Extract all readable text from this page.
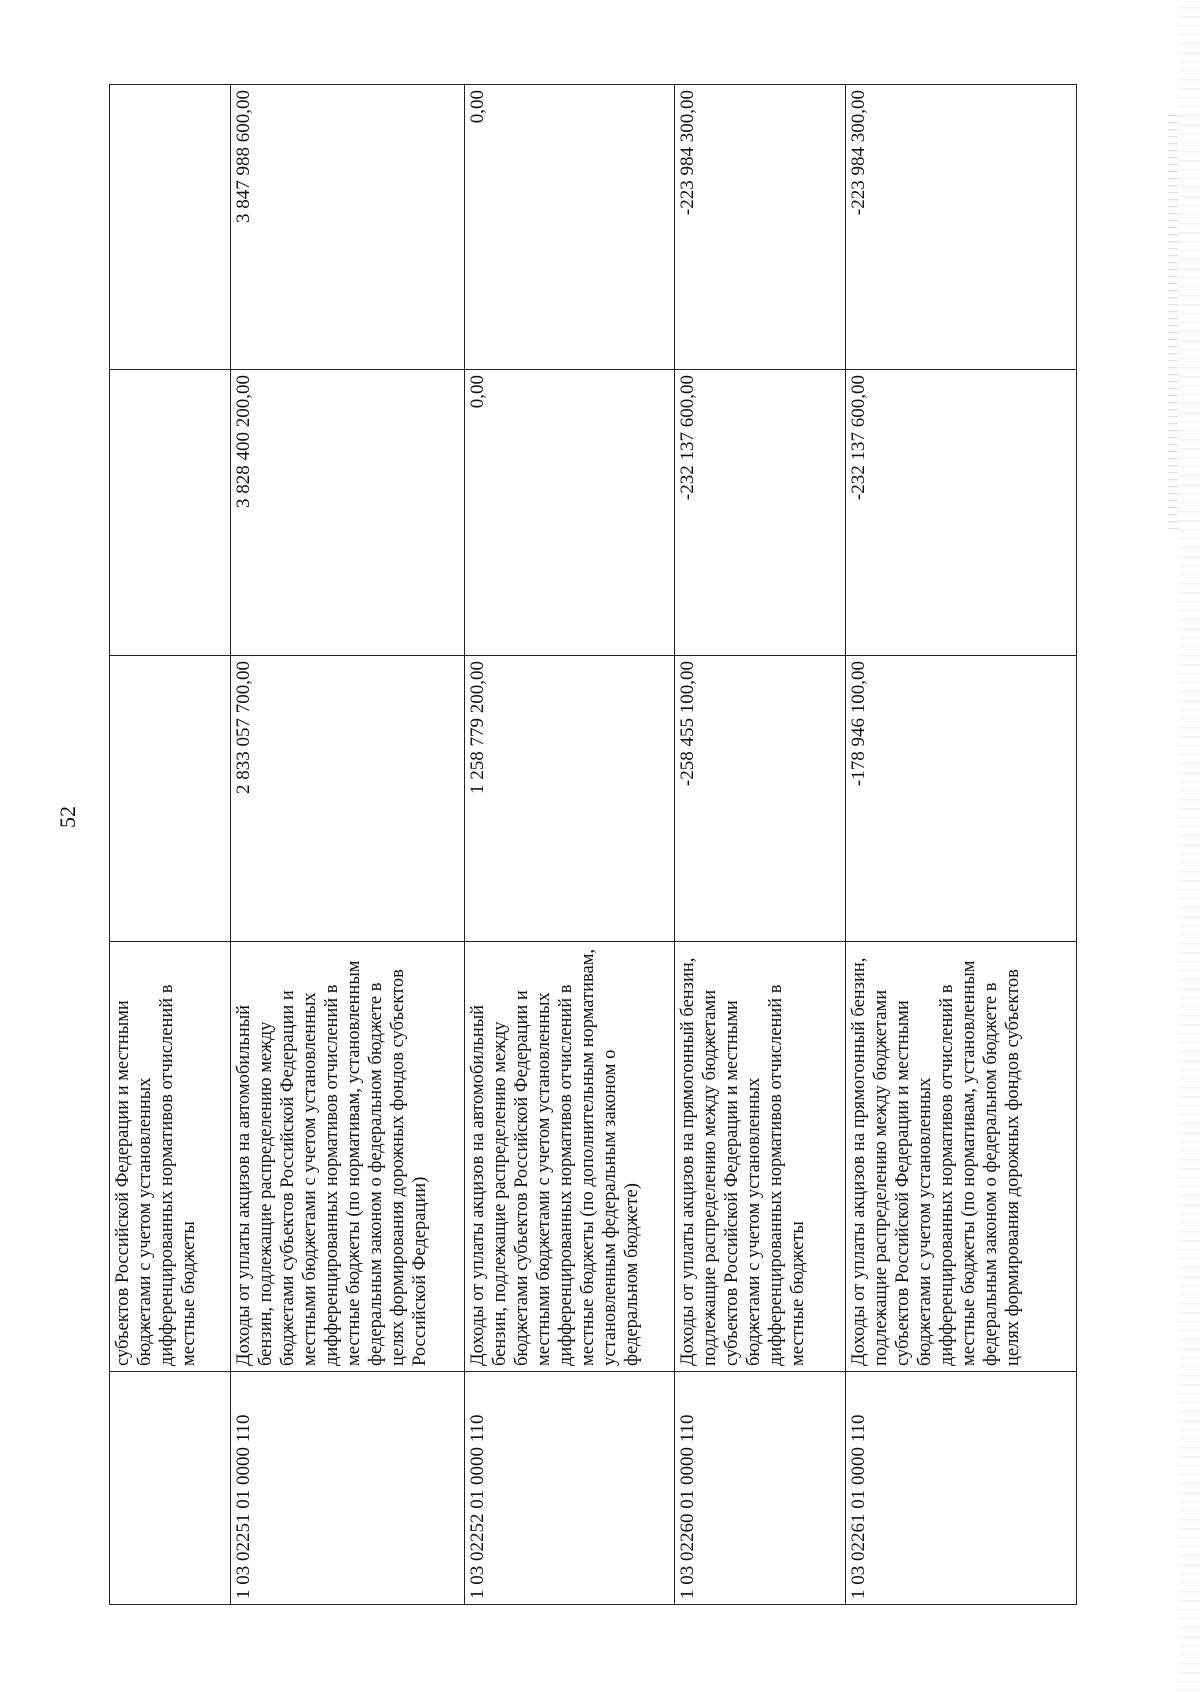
52
	субъектов Российской Федерации и местными бюджетами с учетом установленных дифференцированных нормативов отчислений в местные бюджеты			
1 03 02251 01 0000 110	Доходы от уплаты акцизов на автомобильный бензин, подлежащие распределению между бюджетами субъектов Российской Федерации и местными бюджетами с учетом установленных дифференцированных нормативов отчислений в местные бюджеты (по нормативам, установленным федеральным законом о федеральном бюджете в целях формирования дорожных фондов субъектов Российской Федерации)	2 833 057 700,00	3 828 400 200,00	3 847 988 600,00
1 03 02252 01 0000 110	Доходы от уплаты акцизов на автомобильный бензин, подлежащие распределению между бюджетами субъектов Российской Федерации и местными бюджетами с учетом установленных дифференцированных нормативов отчислений в местные бюджеты (по дополнительным нормативам, установленным федеральным законом о федеральном бюджете)	1 258 779 200,00	0,00	0,00
1 03 02260 01 0000 110	Доходы от уплаты акцизов на прямогонный бензин, подлежащие распределению между бюджетами субъектов Российской Федерации и местными бюджетами с учетом установленных дифференцированных нормативов отчислений в местные бюджеты	-258 455 100,00	-232 137 600,00	-223 984 300,00
1 03 02261 01 0000 110	Доходы от уплаты акцизов на прямогонный бензин, подлежащие распределению между бюджетами субъектов Российской Федерации и местными бюджетами с учетом установленных дифференцированных нормативов отчислений в местные бюджеты (по нормативам, установленным федеральным законом о федеральном бюджете в целях формирования дорожных фондов субъектов	-178 946 100,00	-232 137 600,00	-223 984 300,00
